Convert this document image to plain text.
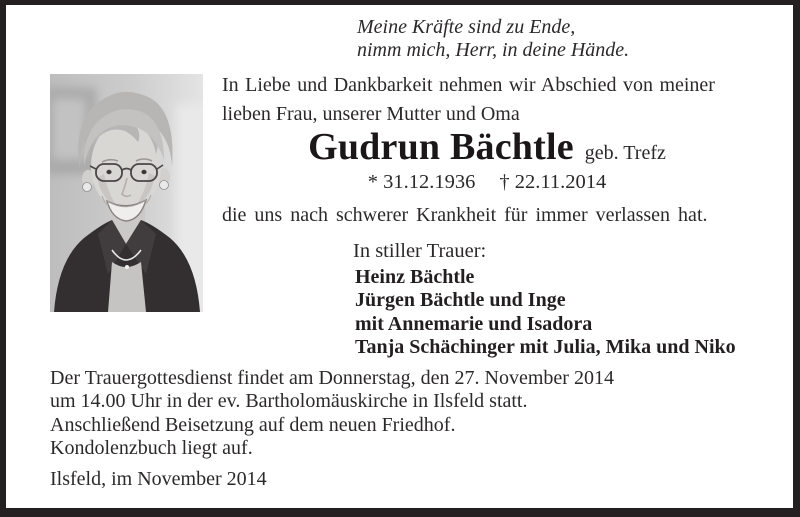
Meine Kräfte sind zu Ende,
nimm mich, Herr, in deine Hände.
In Liebe und Dankbarkeit nehmen wir Abschied von meiner
lieben Frau, unserer Mutter und Oma
Gudrun Bächtle geb. Trefz
* 31.12.1936 † 22.11.2014
die uns nach schwerer Krankheit für immer verlassen hat.
In stiller Trauer:
Heinz Bächtle
Jürgen Bächtle und Inge
mit Annemarie und Isadora
Tanja Schächinger mit Julia, Mika und Niko
Der Trauergottesdienst findet am Donnerstag, den 27. November 2014
um 14.00 Uhr in der ev. Bartholomäuskirche in Ilsfeld statt.
Anschließend Beisetzung auf dem neuen Friedhof.
Kondolenzbuch liegt auf.
Ilsfeld, im November 2014
